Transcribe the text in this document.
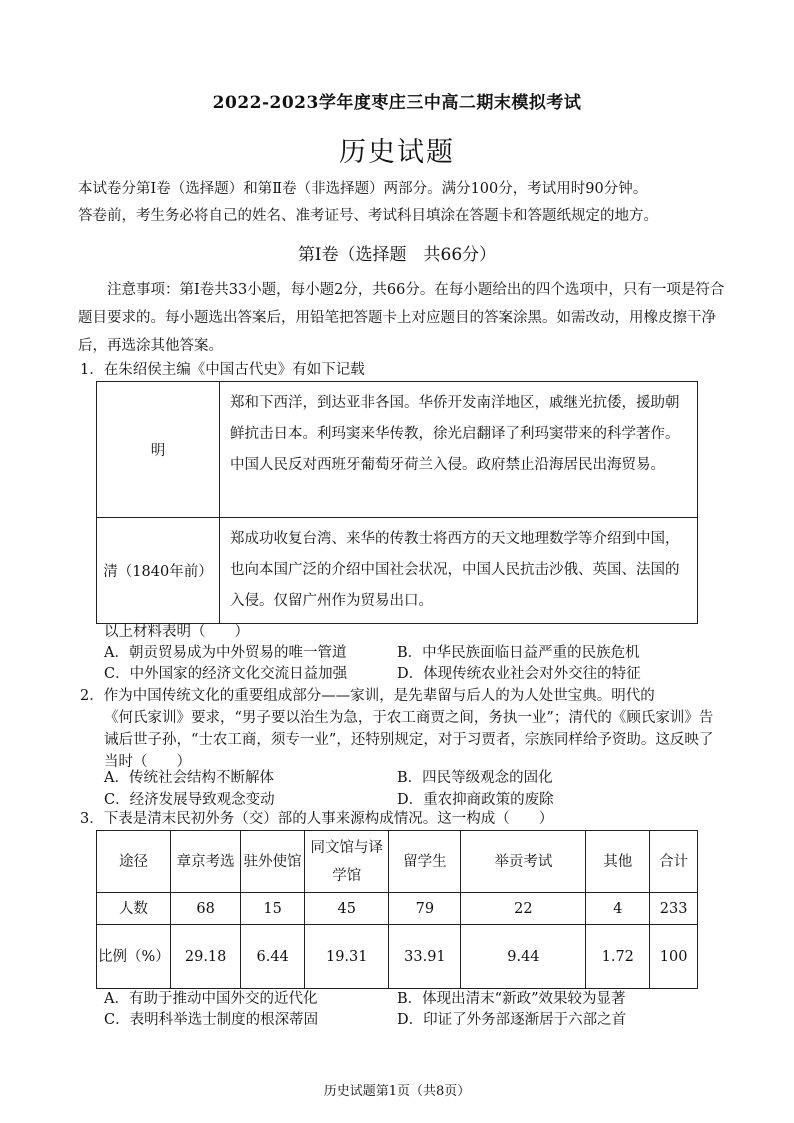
2022-2023学年度枣庄三中高二期末模拟考试
历史试题
本试卷分第Ⅰ卷（选择题）和第Ⅱ卷（非选择题）两部分。满分100分，考试用时90分钟。
答卷前，考生务必将自己的姓名、准考证号、考试科目填涂在答题卡和答题纸规定的地方。
第Ⅰ卷（选择题　共66分）
注意事项：第Ⅰ卷共33小题，每小题2分，共66分。在每小题给出的四个选项中，只有一项是符合题目要求的。每小题选出答案后，用铅笔把答题卡上对应题目的答案涂黑。如需改动，用橡皮擦干净后，再选涂其他答案。
1．在朱绍侯主编《中国古代史》有如下记载
明	郑和下西洋，到达亚非各国。华侨开发南洋地区，戚继光抗倭，援助朝鲜抗击日本。利玛窦来华传教，徐光启翻译了利玛窦带来的科学著作。中国人民反对西班牙葡萄牙荷兰入侵。政府禁止沿海居民出海贸易。
清（1840年前）	郑成功收复台湾、来华的传教士将西方的天文地理数学等介绍到中国，也向本国广泛的介绍中国社会状况，中国人民抗击沙俄、英国、法国的入侵。仅留广州作为贸易出口。
以上材料表明（　　）
A．朝贡贸易成为中外贸易的唯一管道	B．中华民族面临日益严重的民族危机
C．中外国家的经济文化交流日益加强	D．体现传统农业社会对外交往的特征
2．作为中国传统文化的重要组成部分——家训，是先辈留与后人的为人处世宝典。明代的
《何氏家训》要求，“男子要以治生为急，于农工商贾之间，务执一业”；清代的《顾氏家训》告诫后世子孙，“士农工商，须专一业”，还特别规定，对于习贾者，宗族同样给予资助。这反映了当时（　　）
A．传统社会结构不断解体	B．四民等级观念的固化
C．经济发展导致观念变动	D．重农抑商政策的废除
3．下表是清末民初外务（交）部的人事来源构成情况。这一构成（　　）
途径	章京考选	驻外使馆	同文馆与译学馆	留学生	举贡考试	其他	合计
人数	68	15	45	79	22	4	233
比例（%）	29.18	6.44	19.31	33.91	9.44	1.72	100
A．有助于推动中国外交的近代化	B．体现出清末“新政”效果较为显著
C．表明科举选士制度的根深蒂固	D．印证了外务部逐渐居于六部之首
历史试题第1页（共8页）
